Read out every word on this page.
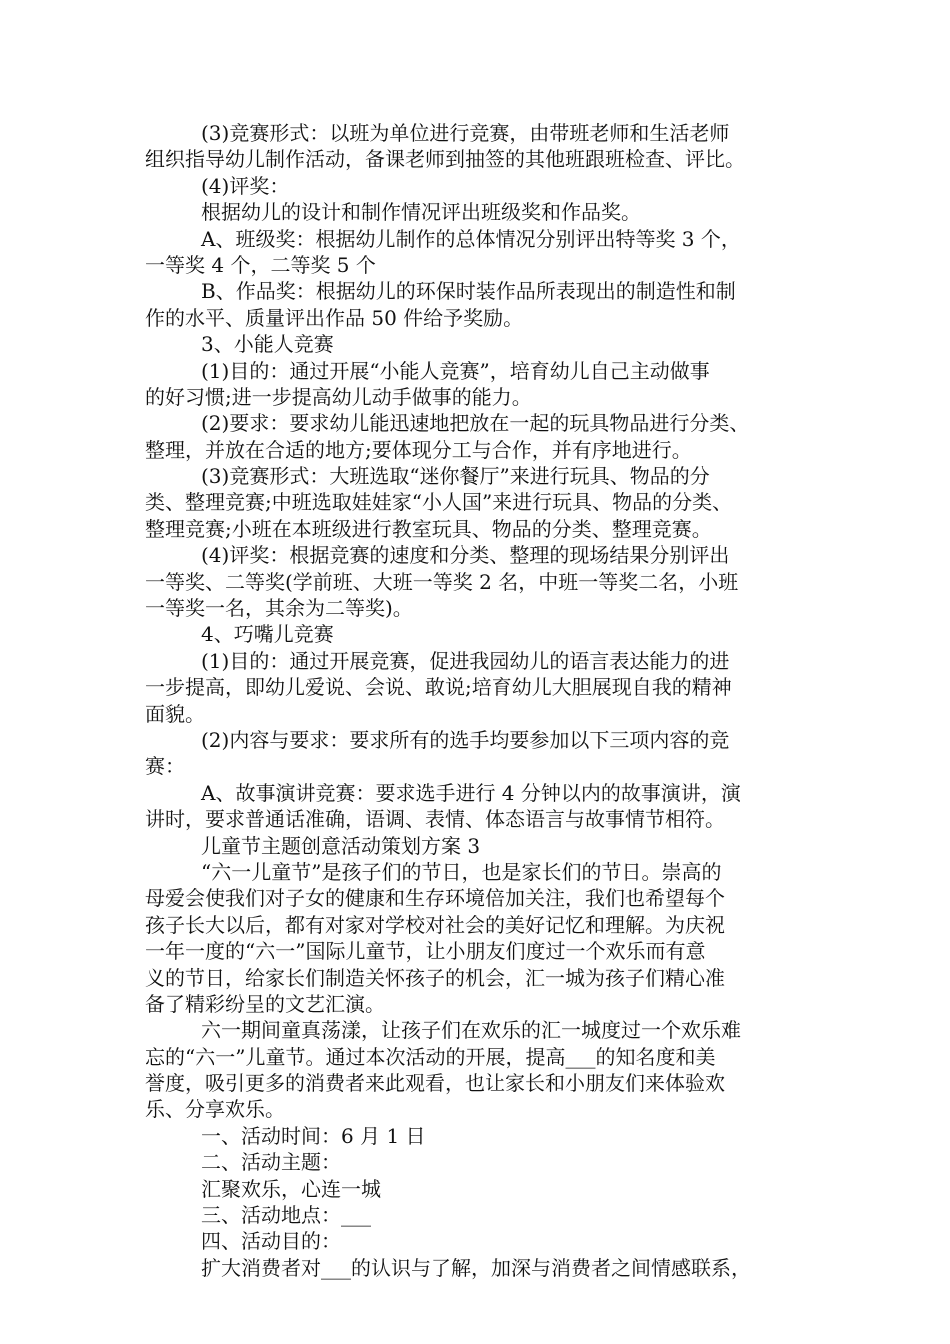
(3)竞赛形式：以班为单位进行竞赛，由带班老师和生活老师
组织指导幼儿制作活动，备课老师到抽签的其他班跟班检查、评比。
(4)评奖：
根据幼儿的设计和制作情况评出班级奖和作品奖。
A、班级奖：根据幼儿制作的总体情况分别评出特等奖 3 个，
一等奖 4 个，二等奖 5 个
B、作品奖：根据幼儿的环保时装作品所表现出的制造性和制
作的水平、质量评出作品 50 件给予奖励。
3、小能人竞赛
(1)目的：通过开展“小能人竞赛”，培育幼儿自己主动做事
的好习惯;进一步提高幼儿动手做事的能力。
(2)要求：要求幼儿能迅速地把放在一起的玩具物品进行分类、
整理，并放在合适的地方;要体现分工与合作，并有序地进行。
(3)竞赛形式：大班选取“迷你餐厅”来进行玩具、物品的分
类、整理竞赛;中班选取娃娃家“小人国”来进行玩具、物品的分类、
整理竞赛;小班在本班级进行教室玩具、物品的分类、整理竞赛。
(4)评奖：根据竞赛的速度和分类、整理的现场结果分别评出
一等奖、二等奖(学前班、大班一等奖 2 名，中班一等奖二名，小班
一等奖一名，其余为二等奖)。
4、巧嘴儿竞赛
(1)目的：通过开展竞赛，促进我园幼儿的语言表达能力的进
一步提高，即幼儿爱说、会说、敢说;培育幼儿大胆展现自我的精神
面貌。
(2)内容与要求：要求所有的选手均要参加以下三项内容的竞
赛：
A、故事演讲竞赛：要求选手进行 4 分钟以内的故事演讲，演
讲时，要求普通话准确，语调、表情、体态语言与故事情节相符。
儿童节主题创意活动策划方案 3
“六一儿童节”是孩子们的节日，也是家长们的节日。崇高的
母爱会使我们对子女的健康和生存环境倍加关注，我们也希望每个
孩子长大以后，都有对家对学校对社会的美好记忆和理解。为庆祝
一年一度的“六一”国际儿童节，让小朋友们度过一个欢乐而有意
义的节日，给家长们制造关怀孩子的机会，汇一城为孩子们精心准
备了精彩纷呈的文艺汇演。
六一期间童真荡漾，让孩子们在欢乐的汇一城度过一个欢乐难
忘的“六一”儿童节。通过本次活动的开展，提高___的知名度和美
誉度，吸引更多的消费者来此观看，也让家长和小朋友们来体验欢
乐、分享欢乐。
一、活动时间：6 月 1 日
二、活动主题：
汇聚欢乐，心连一城
三、活动地点：___
四、活动目的：
扩大消费者对___的认识与了解，加深与消费者之间情感联系，
